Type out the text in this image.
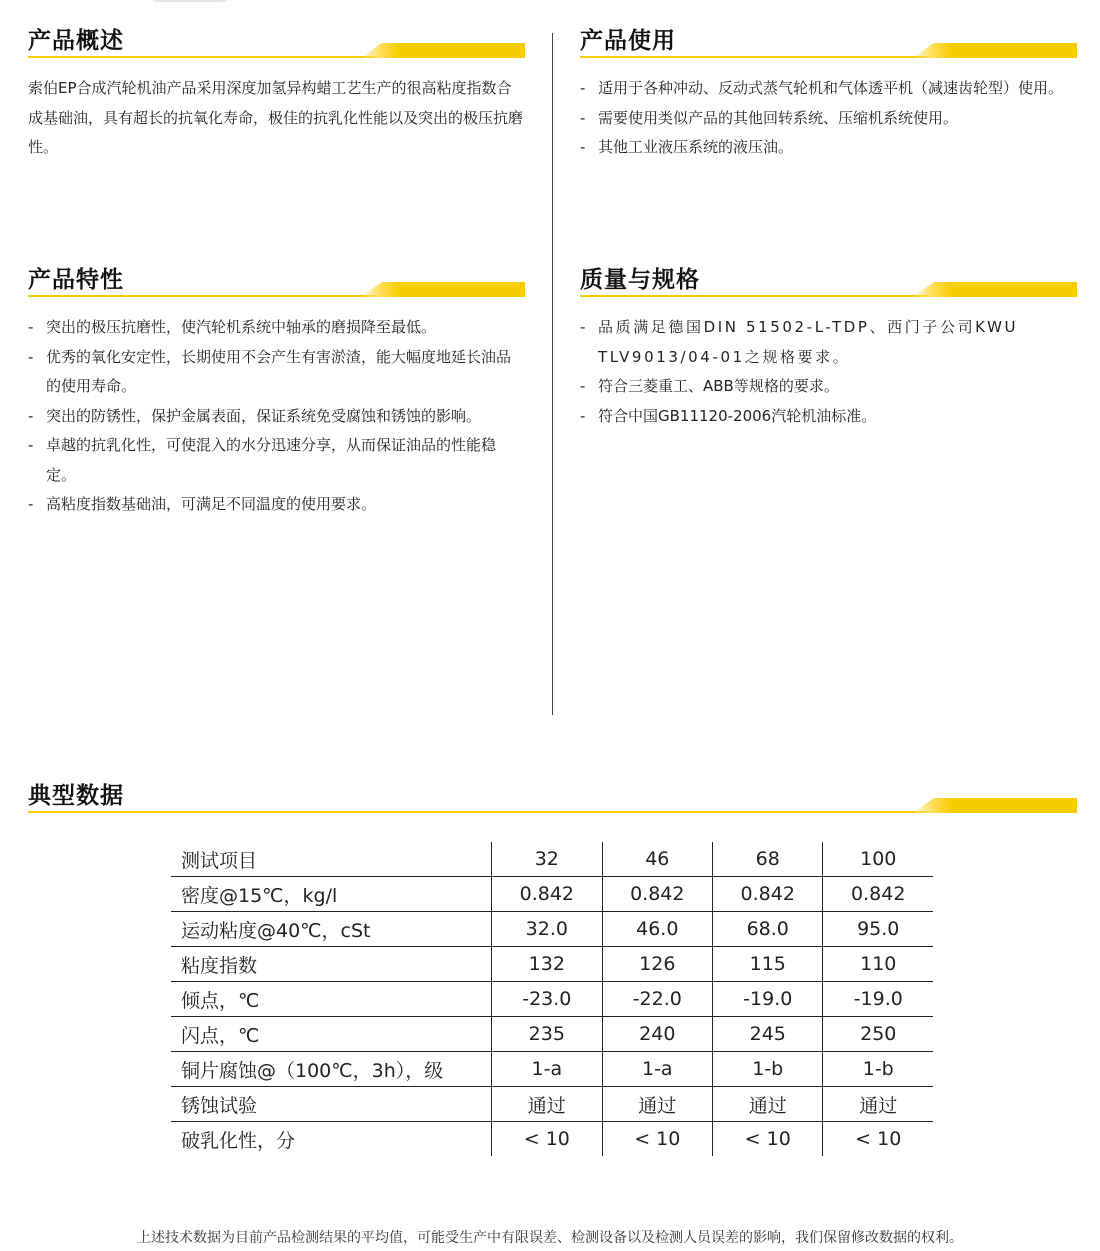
产品概述

索伯EP合成汽轮机油产品采用深度加氢异构蜡工艺生产的很高粘度指数合成基础油，具有超长的抗氧化寿命，极佳的抗乳化性能以及突出的极压抗磨性。

产品使用
- 适用于各种冲动、反动式蒸气轮机和气体透平机（减速齿轮型）使用。
- 需要使用类似产品的其他回转系统、压缩机系统使用。
- 其他工业液压系统的液压油。
产品特性
- 突出的极压抗磨性，使汽轮机系统中轴承的磨损降至最低。
- 优秀的氧化安定性，长期使用不会产生有害淤渣，能大幅度地延长油品的使用寿命。
- 突出的防锈性，保护金属表面，保证系统免受腐蚀和锈蚀的影响。
- 卓越的抗乳化性，可使混入的水分迅速分享，从而保证油品的性能稳定。
- 高粘度指数基础油，可满足不同温度的使用要求。
质量与规格
- 品质满足德国DIN 51502-L-TDP、西门子公司KWU TLV9013/04-01之规格要求。
- 符合三菱重工、ABB等规格的要求。
- 符合中国GB11120-2006汽轮机油标准。
典型数据
测试项目	32	46	68	100
密度@15℃，kg/l	0.842	0.842	0.842	0.842
运动粘度@40℃，cSt	32.0	46.0	68.0	95.0
粘度指数	132	126	115	110
倾点，℃	-23.0	-22.0	-19.0	-19.0
闪点，℃	235	240	245	250
铜片腐蚀@（100℃，3h），级	1-a	1-a	1-b	1-b
锈蚀试验	通过	通过	通过	通过
破乳化性，分	< 10	< 10	< 10	< 10
上述技术数据为目前产品检测结果的平均值，可能受生产中有限误差、检测设备以及检测人员误差的影响，我们保留修改数据的权利。
